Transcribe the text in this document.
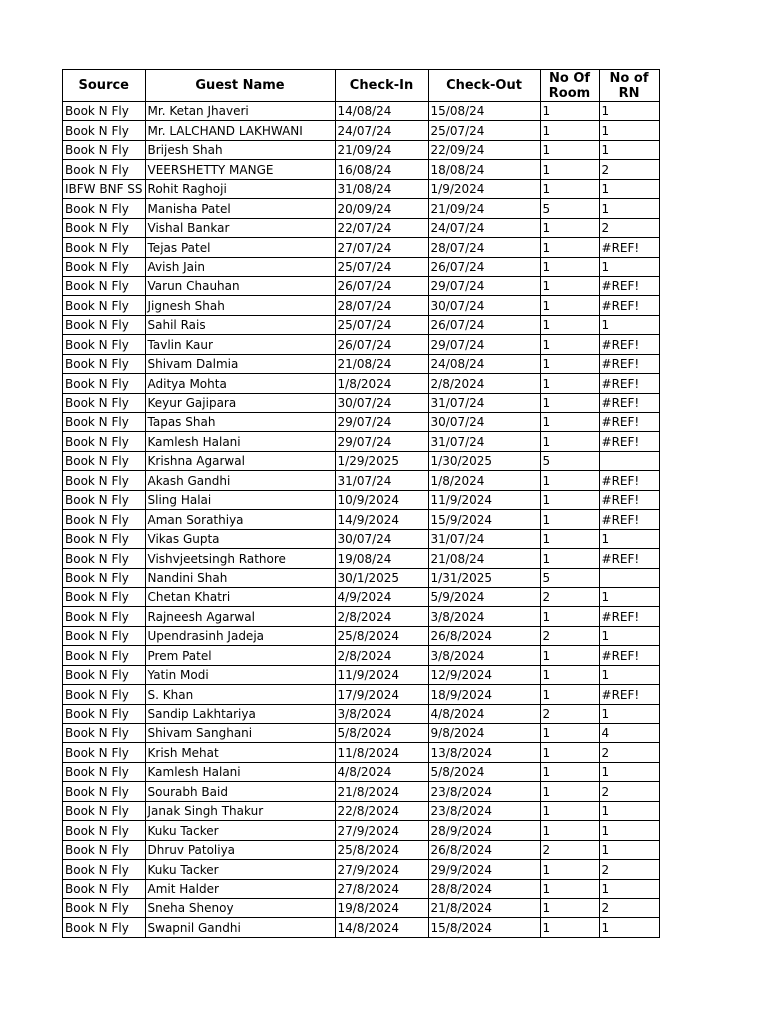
Source	Guest Name	Check-In	Check-Out	No Of Room	No of RN
Book N Fly	Mr. Ketan Jhaveri	14/08/24	15/08/24	1	1
Book N Fly	Mr. LALCHAND LAKHWANI	24/07/24	25/07/24	1	1
Book N Fly	Brijesh Shah	21/09/24	22/09/24	1	1
Book N Fly	VEERSHETTY MANGE	16/08/24	18/08/24	1	2
IBFW BNF SS	Rohit Raghoji	31/08/24	1/9/2024	1	1
Book N Fly	Manisha Patel	20/09/24	21/09/24	5	1
Book N Fly	Vishal Bankar	22/07/24	24/07/24	1	2
Book N Fly	Tejas Patel	27/07/24	28/07/24	1	#REF!
Book N Fly	Avish Jain	25/07/24	26/07/24	1	1
Book N Fly	Varun Chauhan	26/07/24	29/07/24	1	#REF!
Book N Fly	Jignesh Shah	28/07/24	30/07/24	1	#REF!
Book N Fly	Sahil Rais	25/07/24	26/07/24	1	1
Book N Fly	Tavlin Kaur	26/07/24	29/07/24	1	#REF!
Book N Fly	Shivam Dalmia	21/08/24	24/08/24	1	#REF!
Book N Fly	Aditya Mohta	1/8/2024	2/8/2024	1	#REF!
Book N Fly	Keyur Gajipara	30/07/24	31/07/24	1	#REF!
Book N Fly	Tapas Shah	29/07/24	30/07/24	1	#REF!
Book N Fly	Kamlesh Halani	29/07/24	31/07/24	1	#REF!
Book N Fly	Krishna Agarwal	1/29/2025	1/30/2025	5	
Book N Fly	Akash Gandhi	31/07/24	1/8/2024	1	#REF!
Book N Fly	Sling Halai	10/9/2024	11/9/2024	1	#REF!
Book N Fly	Aman Sorathiya	14/9/2024	15/9/2024	1	#REF!
Book N Fly	Vikas Gupta	30/07/24	31/07/24	1	1
Book N Fly	Vishvjeetsingh Rathore	19/08/24	21/08/24	1	#REF!
Book N Fly	Nandini Shah	30/1/2025	1/31/2025	5	
Book N Fly	Chetan Khatri	4/9/2024	5/9/2024	2	1
Book N Fly	Rajneesh Agarwal	2/8/2024	3/8/2024	1	#REF!
Book N Fly	Upendrasinh Jadeja	25/8/2024	26/8/2024	2	1
Book N Fly	Prem Patel	2/8/2024	3/8/2024	1	#REF!
Book N Fly	Yatin Modi	11/9/2024	12/9/2024	1	1
Book N Fly	S. Khan	17/9/2024	18/9/2024	1	#REF!
Book N Fly	Sandip Lakhtariya	3/8/2024	4/8/2024	2	1
Book N Fly	Shivam Sanghani	5/8/2024	9/8/2024	1	4
Book N Fly	Krish Mehat	11/8/2024	13/8/2024	1	2
Book N Fly	Kamlesh Halani	4/8/2024	5/8/2024	1	1
Book N Fly	Sourabh Baid	21/8/2024	23/8/2024	1	2
Book N Fly	Janak Singh Thakur	22/8/2024	23/8/2024	1	1
Book N Fly	Kuku Tacker	27/9/2024	28/9/2024	1	1
Book N Fly	Dhruv Patoliya	25/8/2024	26/8/2024	2	1
Book N Fly	Kuku Tacker	27/9/2024	29/9/2024	1	2
Book N Fly	Amit Halder	27/8/2024	28/8/2024	1	1
Book N Fly	Sneha Shenoy	19/8/2024	21/8/2024	1	2
Book N Fly	Swapnil Gandhi	14/8/2024	15/8/2024	1	1
